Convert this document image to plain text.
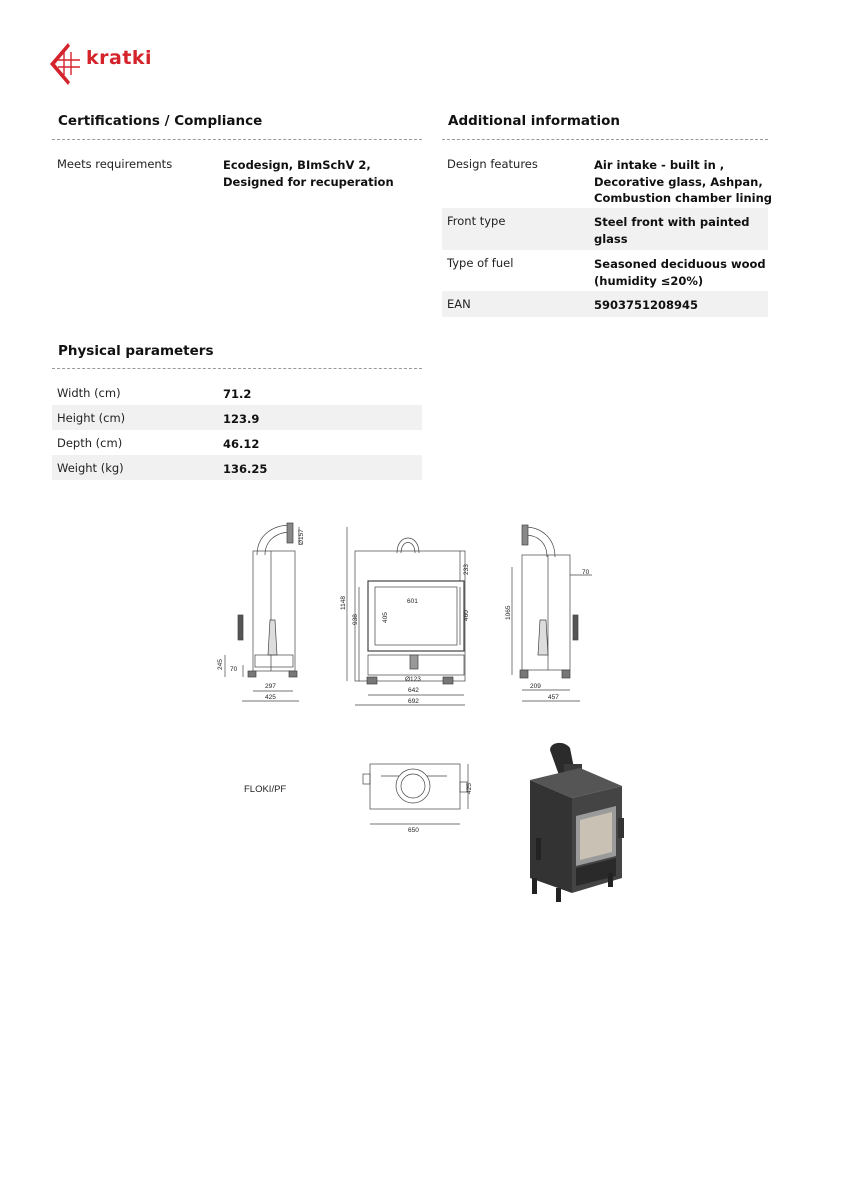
kratki
Certifications / Compliance
Meets requirements	Ecodesign, BImSchV 2,
Designed for recuperation
Additional information
Design features	Air intake - built in ,
Decorative glass, Ashpan,
Combustion chamber lining
Front type	Steel front with painted
glass
Type of fuel	Seasoned deciduous wood
(humidity ≤20%)
EAN	5903751208945
Physical parameters
Width (cm)	71.2
Height (cm)	123.9
Depth (cm)	46.12
Weight (kg)	136.25
Ø157
245 70
297
425
1148
938
233
601
405	460
Ø123
642
692
70
1065
209
457
FLOKI/PF	425
650
